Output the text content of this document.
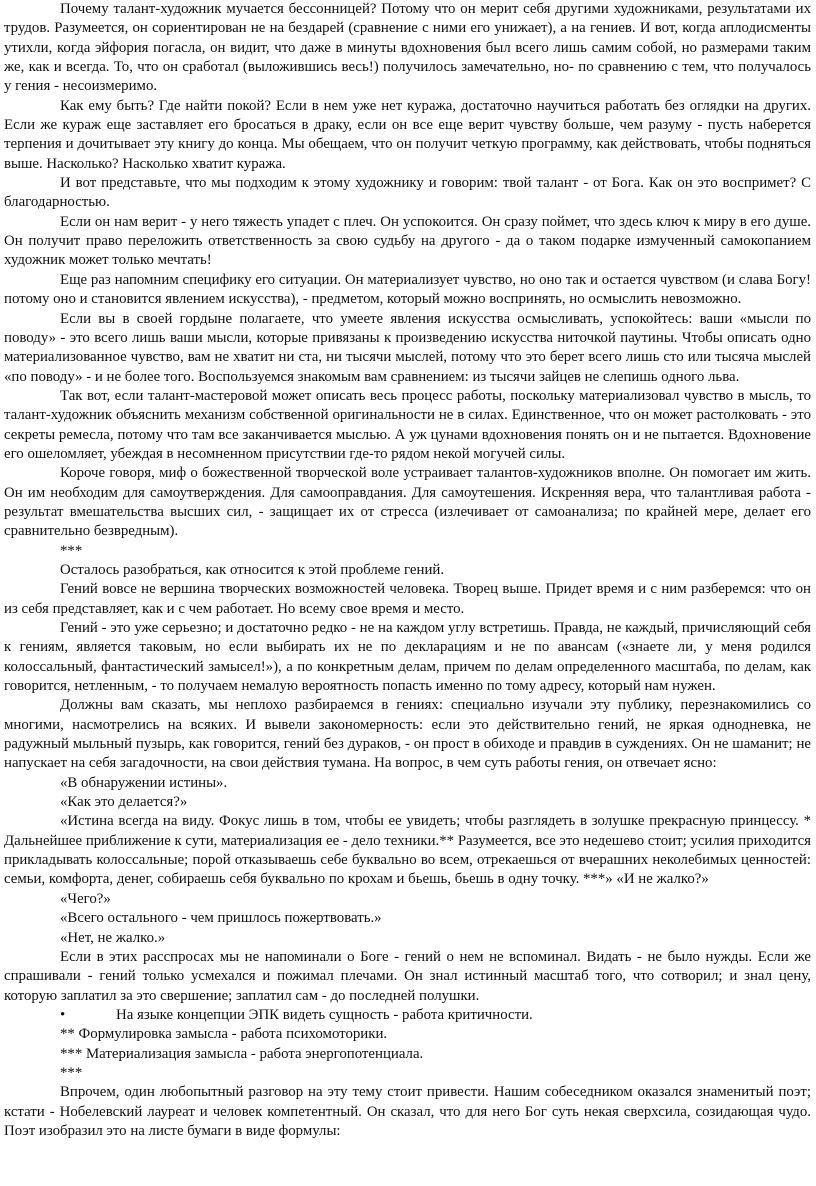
Почему талант-художник мучается бессонницей? Потому что он мерит себя другими художниками, результатами их трудов. Разумеется, он сориентирован не на бездарей (сравнение с ними его унижает), а на гениев. И вот, когда аплодисменты утихли, когда эйфория погасла, он видит, что даже в минуты вдохновения был всего лишь самим собой, но размерами таким же, как и всегда. То, что он сработал (выложившись весь!) получилось замечательно, но- по сравнению с тем, что получалось у гения - несоизмеримо.

Как ему быть? Где найти покой? Если в нем уже нет куража, достаточно научиться работать без оглядки на других. Если же кураж еще заставляет его бросаться в драку, если он все еще верит чувству больше, чем разуму - пусть наберется терпения и дочитывает эту книгу до конца. Мы обещаем, что он получит четкую программу, как действовать, чтобы подняться выше. Насколько? Насколько хватит куража.

И вот представьте, что мы подходим к этому художнику и говорим: твой талант - от Бога. Как он это воспримет? С благодарностью.

Если он нам верит - у него тяжесть упадет с плеч. Он успокоится. Он сразу поймет, что здесь ключ к миру в его душе. Он получит право переложить ответственность за свою судьбу на другого - да о таком подарке измученный самокопанием художник может только мечтать!

Еще раз напомним специфику его ситуации. Он материализует чувство, но оно так и остается чувством (и слава Богу! потому оно и становится явлением искусства), - предметом, который можно воспринять, но осмыслить невозможно.

Если вы в своей гордыне полагаете, что умеете явления искусства осмысливать, успокойтесь: ваши «мысли по поводу» - это всего лишь ваши мысли, которые привязаны к произведению искусства ниточкой паутины. Чтобы описать одно материализованное чувство, вам не хватит ни ста, ни тысячи мыслей, потому что это берет всего лишь сто или тысяча мыслей «по поводу» - и не более того. Воспользуемся знакомым вам сравнением: из тысячи зайцев не слепишь одного льва.

Так вот, если талант-мастеровой может описать весь процесс работы, поскольку материализовал чувство в мысль, то талант-художник объяснить механизм собственной оригинальности не в силах. Единственное, что он может растолковать - это секреты ремесла, потому что там все заканчивается мыслью. А уж цунами вдохновения понять он и не пытается. Вдохновение его ошеломляет, убеждая в несомненном присутствии где-то рядом некой могучей силы.

Короче говоря, миф о божественной творческой воле устраивает талантов-художников вполне. Он помогает им жить. Он им необходим для самоутверждения. Для самооправдания. Для самоутешения. Искренняя вера, что талантливая работа - результат вмешательства высших сил, - защищает их от стресса (излечивает от самоанализа; по крайней мере, делает его сравнительно безвредным).

***

Осталось разобраться, как относится к этой проблеме гений.

Гений вовсе не вершина творческих возможностей человека. Творец выше. Придет время и с ним разберемся: что он из себя представляет, как и с чем работает. Но всему свое время и место.

Гений - это уже серьезно; и достаточно редко - не на каждом углу встретишь. Правда, не каждый, причисляющий себя к гениям, является таковым, но если выбирать их не по декларациям и не по авансам («знаете ли, у меня родился колоссальный, фантастический замысел!»), а по конкретным делам, причем по делам определенного масштаба, по делам, как говорится, нетленным, - то получаем немалую вероятность попасть именно по тому адресу, который нам нужен.

Должны вам сказать, мы неплохо разбираемся в гениях: специально изучали эту публику, перезнакомились со многими, насмотрелись на всяких. И вывели закономерность: если это действительно гений, не яркая однодневка, не радужный мыльный пузырь, как говорится, гений без дураков, - он прост в обиходе и правдив в суждениях. Он не шаманит; не напускает на себя загадочности, на свои действия тумана. На вопрос, в чем суть работы гения, он отвечает ясно:

«В обнаружении истины».

«Как это делается?»

«Истина всегда на виду. Фокус лишь в том, чтобы ее увидеть; чтобы разглядеть в золушке прекрасную принцессу. * Дальнейшее приближение к сути, материализация ее - дело техники.** Разумеется, все это недешево стоит; усилия приходится прикладывать колоссальные; порой отказываешь себе буквально во всем, отрекаешься от вчерашних неколебимых ценностей: семьи, комфорта, денег, собираешь себя буквально по крохам и бьешь, бьешь в одну точку. ***» «И не жалко?»

«Чего?»

«Всего остального - чем пришлось пожертвовать.»

«Нет, не жалко.»

Если в этих расспросах мы не напоминали о Боге - гений о нем не вспоминал. Видать - не было нужды. Если же спрашивали - гений только усмехался и пожимал плечами. Он знал истинный масштаб того, что сотворил; и знал цену, которую заплатил за это свершение; заплатил сам - до последней полушки.

•	На языке концепции ЭПК видеть сущность - работа критичности.

** Формулировка замысла - работа психомоторики.

*** Материализация замысла - работа энергопотенциала.

***

Впрочем, один любопытный разговор на эту тему стоит привести. Нашим собеседником оказался знаменитый поэт; кстати - Нобелевский лауреат и человек компетентный. Он сказал, что для него Бог суть некая сверхсила, созидающая чудо. Поэт изобразил это на листе бумаги в виде формулы:
